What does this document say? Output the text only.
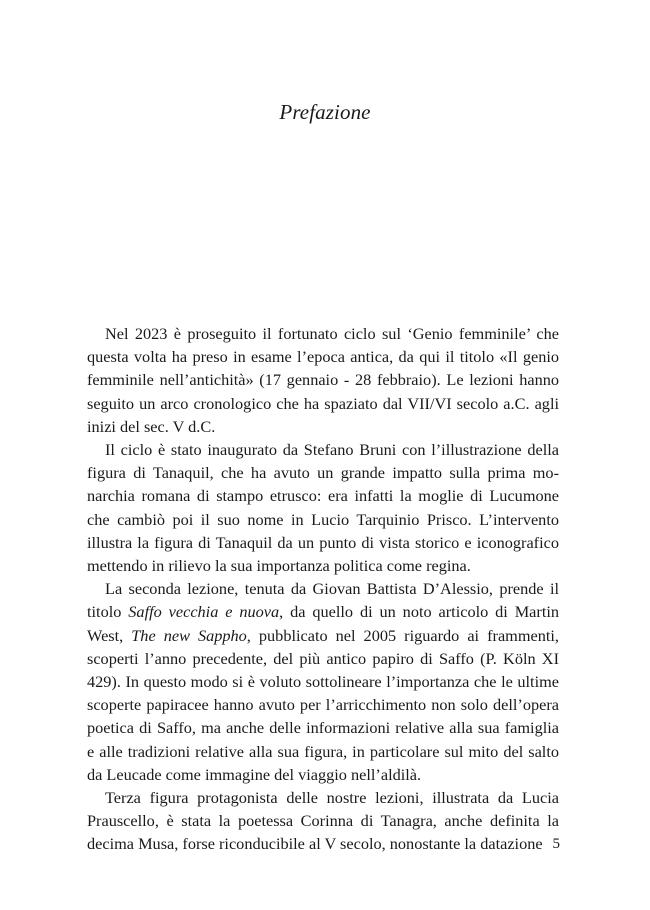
Prefazione

Nel 2023 è proseguito il fortunato ciclo sul ‘Genio femminile’ che questa volta ha preso in esame l’epoca antica, da qui il titolo «Il genio femminile nell’antichità» (17 gennaio - 28 febbraio). Le lezioni hanno seguito un arco cronologico che ha spaziato dal VII/VI secolo a.C. agli inizi del sec. V d.C.

Il ciclo è stato inaugurato da Stefano Bruni con l’illustrazione della figura di Tanaquil, che ha avuto un grande impatto sulla prima monarchia romana di stampo etrusco: era infatti la moglie di Lucumone che cambiò poi il suo nome in Lucio Tarquinio Prisco. L’intervento illustra la figura di Tanaquil da un punto di vista storico e iconografico mettendo in rilievo la sua importanza politica come regina.

La seconda lezione, tenuta da Giovan Battista D’Alessio, prende il titolo Saffo vecchia e nuova, da quello di un noto articolo di Martin West, The new Sappho, pubblicato nel 2005 riguardo ai frammenti, scoperti l’anno precedente, del più antico papiro di Saffo (P. Köln XI 429). In questo modo si è voluto sottolineare l’importanza che le ultime scoperte papiracee hanno avuto per l’arricchimento non solo dell’opera poetica di Saffo, ma anche delle informazioni relative alla sua famiglia e alle tradizioni relative alla sua figura, in particolare sul mito del salto da Leucade come immagine del viaggio nell’aldilà.

Terza figura protagonista delle nostre lezioni, illustrata da Lucia Prauscello, è stata la poetessa Corinna di Tanagra, anche definita la decima Musa, forse riconducibile al V secolo, nonostante la datazione 5
